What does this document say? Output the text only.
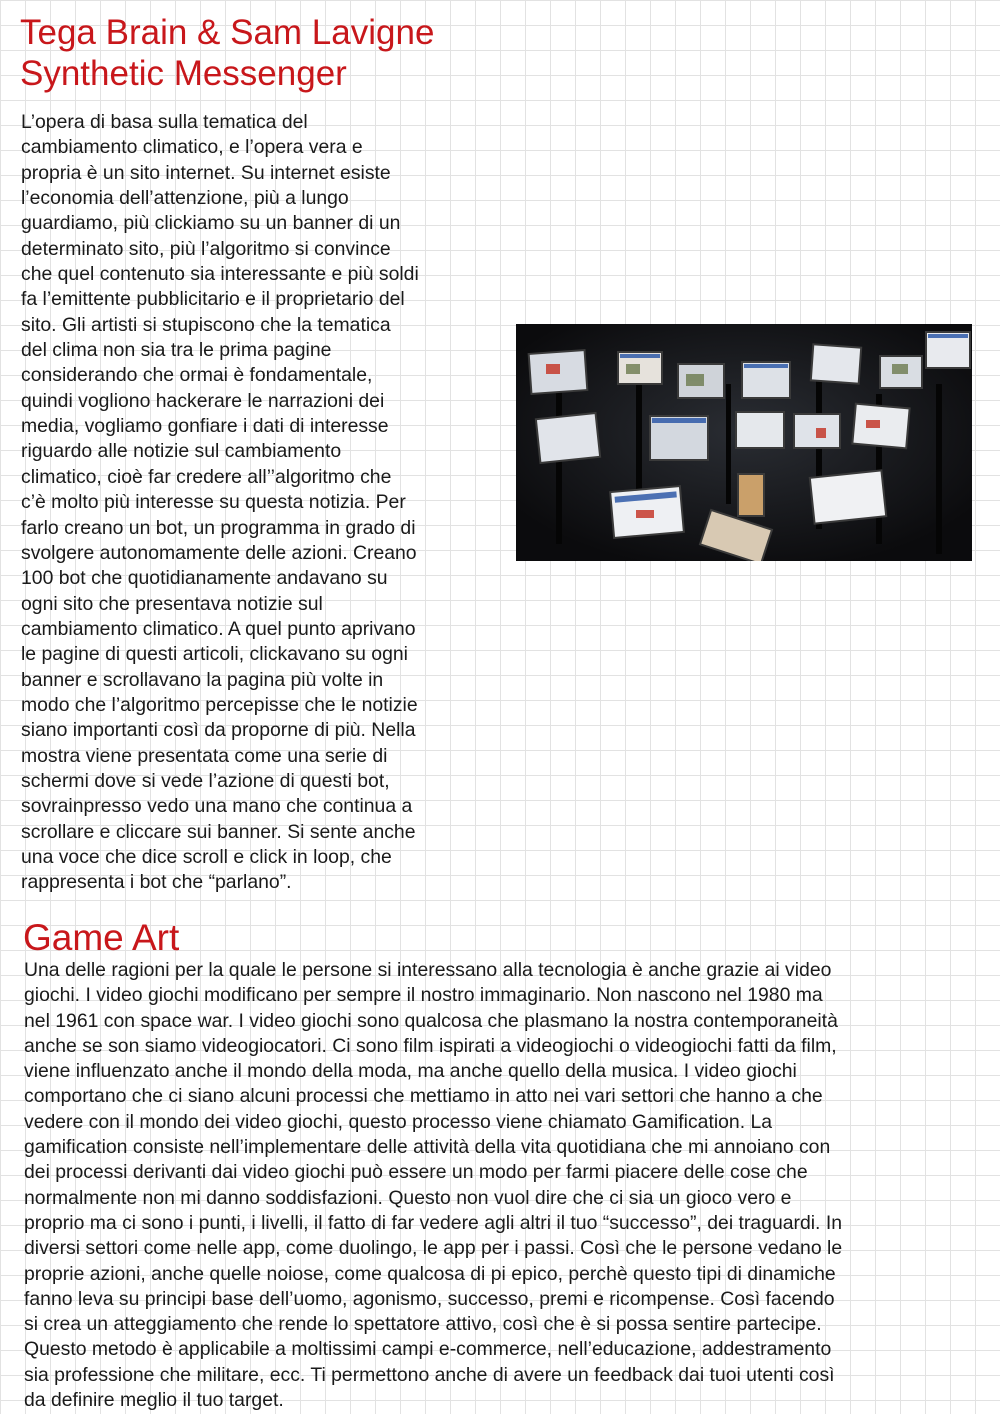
Tega Brain & Sam Lavigne
Synthetic Messenger

L’opera di basa sulla tematica del
cambiamento climatico, e l’opera vera e
propria è un sito internet. Su internet esiste
l’economia dell’attenzione, più a lungo
guardiamo, più clickiamo su un banner di un
determinato sito, più l’algoritmo si convince
che quel contenuto sia interessante e più soldi
fa l’emittente pubblicitario e il proprietario del
sito. Gli artisti si stupiscono che la tematica
del clima non sia tra le prima pagine
considerando che ormai è fondamentale,
quindi vogliono hackerare le narrazioni dei
media, vogliamo gonfiare i dati di interesse
riguardo alle notizie sul cambiamento
climatico, cioè far credere all’’algoritmo che
c’è molto più interesse su questa notizia. Per
farlo creano un bot, un programma in grado di
svolgere autonomamente delle azioni. Creano
100 bot che quotidianamente andavano su
ogni sito che presentava notizie sul
cambiamento climatico. A quel punto aprivano
le pagine di questi articoli, clickavano su ogni
banner e scrollavano la pagina più volte in
modo che l’algoritmo percepisse che le notizie
siano importanti così da proporne di più. Nella
mostra viene presentata come una serie di
schermi dove si vede l’azione di questi bot,
sovrainpresso vedo una mano che continua a
scrollare e cliccare sui banner. Si sente anche
una voce che dice scroll e click in loop, che
rappresenta i bot che “parlano”.

Game Art

Una delle ragioni per la quale le persone si interessano alla tecnologia è anche grazie ai video
giochi. I video giochi modificano per sempre il nostro immaginario. Non nascono nel 1980 ma
nel 1961 con space war. I video giochi sono qualcosa che plasmano la nostra contemporaneità
anche se son siamo videogiocatori. Ci sono film ispirati a videogiochi o videogiochi fatti da film,
viene influenzato anche il mondo della moda, ma anche quello della musica. I video giochi
comportano che ci siano alcuni processi che mettiamo in atto nei vari settori che hanno a che
vedere con il mondo dei video giochi, questo processo viene chiamato Gamification. La
gamification consiste nell’implementare delle attività della vita quotidiana che mi annoiano con
dei processi derivanti dai video giochi può essere un modo per farmi piacere delle cose che
normalmente non mi danno soddisfazioni. Questo non vuol dire che ci sia un gioco vero e
proprio ma ci sono i punti, i livelli, il fatto di far vedere agli altri il tuo “successo”, dei traguardi. In
diversi settori come nelle app, come duolingo, le app per i passi. Così che le persone vedano le
proprie azioni, anche quelle noiose, come qualcosa di pi epico, perchè questo tipi di dinamiche
fanno leva su principi base dell’uomo, agonismo, successo, premi e ricompense. Così facendo
si crea un atteggiamento che rende lo spettatore attivo, così che è si possa sentire partecipe.
Questo metodo è applicabile a moltissimi campi e-commerce, nell’educazione, addestramento
sia professione che militare, ecc. Ti permettono anche di avere un feedback dai tuoi utenti così
da definire meglio il tuo target.
